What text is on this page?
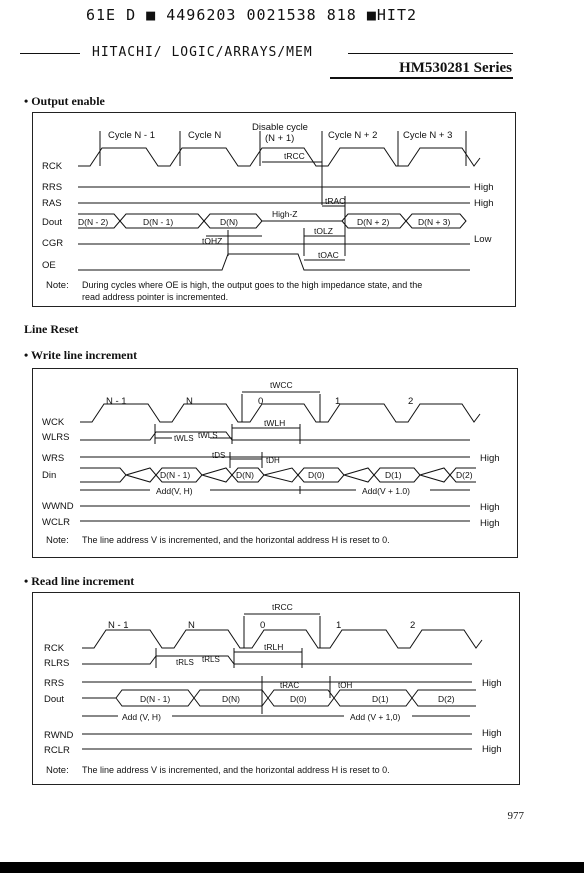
61E D ■ 4496203 0021538 818 ■HIT2
HITACHI/ LOGIC/ARRAYS/MEM
HM530281 Series
• Output enable
Cycle N - 1	Cycle N
Disable cycle
(N + 1)	Cycle N + 2	Cycle N + 3
RCK
RRS
RAS
Dout
CGR
OE
High
High
Low
D(N - 2)	D(N - 1)	D(N)
High-Z
D(N + 2)	D(N + 3)
tRCC
tRAC
tOHZ
tOLZ
tOAC
Note: During cycles where OE is high, the output goes to the high impedance state, and the
read address pointer is incremented.
Line Reset
• Write line increment
N - 1	N	0	1	2
WCK
WLRS
WRS
Din
WWND
WCLR
High
High
High
D(N - 1)	D(N)	D(0)	D(1)	D(2)
Add(V, H)	Add(V + 1.0)
tWCC
tWLH
tWLS tWLS
tDS
tDH
Note: The line address V is incremented, and the horizontal address H is reset to 0.
• Read line increment
N - 1	N	0	1	2
RCK
RLRS
RRS
Dout
RWND
RCLR
High
High
High
D(N - 1)	D(N)	D(0)	D(1)	D(2)
Add (V, H)	Add (V + 1,0)
tRCC
tRLH
tRLS tRLS
tRAC	tOH
Note: The line address V is incremented, and the horizontal address H is reset to 0.
977
